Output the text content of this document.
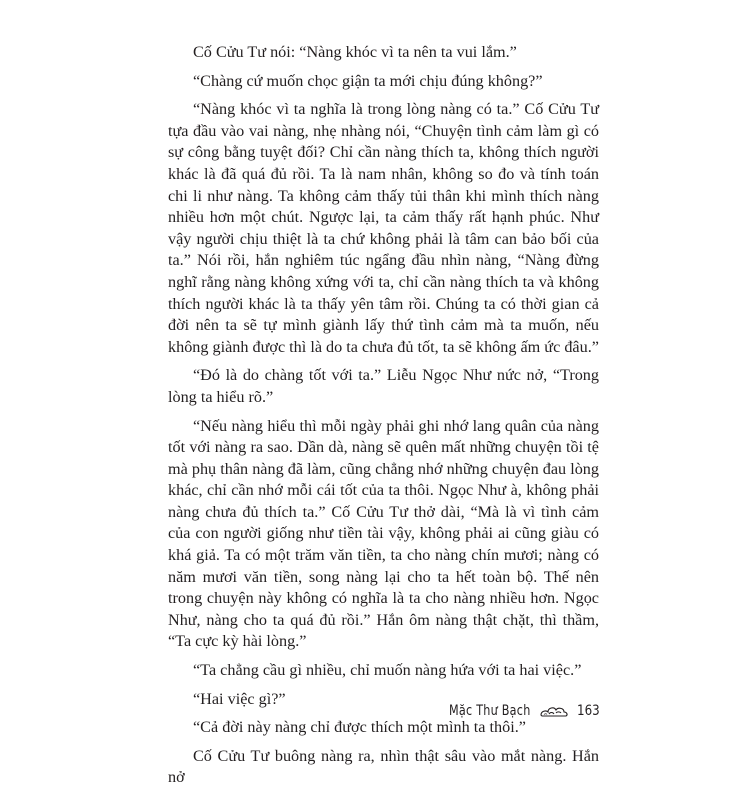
Cố Cửu Tư nói: “Nàng khóc vì ta nên ta vui lắm.”

“Chàng cứ muốn chọc giận ta mới chịu đúng không?”

“Nàng khóc vì ta nghĩa là trong lòng nàng có ta.” Cố Cửu Tư tựa đầu vào vai nàng, nhẹ nhàng nói, “Chuyện tình cảm làm gì có sự công bằng tuyệt đối? Chỉ cần nàng thích ta, không thích người khác là đã quá đủ rồi. Ta là nam nhân, không so đo và tính toán chi li như nàng. Ta không cảm thấy tủi thân khi mình thích nàng nhiều hơn một chút. Ngược lại, ta cảm thấy rất hạnh phúc. Như vậy người chịu thiệt là ta chứ không phải là tâm can bảo bối của ta.” Nói rồi, hắn nghiêm túc ngẩng đầu nhìn nàng, “Nàng đừng nghĩ rằng nàng không xứng với ta, chỉ cần nàng thích ta và không thích người khác là ta thấy yên tâm rồi. Chúng ta có thời gian cả đời nên ta sẽ tự mình giành lấy thứ tình cảm mà ta muốn, nếu không giành được thì là do ta chưa đủ tốt, ta sẽ không ấm ức đâu.”

“Đó là do chàng tốt với ta.” Liễu Ngọc Như nức nở, “Trong lòng ta hiểu rõ.”

“Nếu nàng hiểu thì mỗi ngày phải ghi nhớ lang quân của nàng tốt với nàng ra sao. Dần dà, nàng sẽ quên mất những chuyện tồi tệ mà phụ thân nàng đã làm, cũng chẳng nhớ những chuyện đau lòng khác, chỉ cần nhớ mỗi cái tốt của ta thôi. Ngọc Như à, không phải nàng chưa đủ thích ta.” Cố Cửu Tư thở dài, “Mà là vì tình cảm của con người giống như tiền tài vậy, không phải ai cũng giàu có khá giả. Ta có một trăm văn tiền, ta cho nàng chín mươi; nàng có năm mươi văn tiền, song nàng lại cho ta hết toàn bộ. Thế nên trong chuyện này không có nghĩa là ta cho nàng nhiều hơn. Ngọc Như, nàng cho ta quá đủ rồi.” Hắn ôm nàng thật chặt, thì thầm, “Ta cực kỳ hài lòng.”

“Ta chẳng cầu gì nhiều, chỉ muốn nàng hứa với ta hai việc.”

“Hai việc gì?”

“Cả đời này nàng chỉ được thích một mình ta thôi.”

Cố Cửu Tư buông nàng ra, nhìn thật sâu vào mắt nàng. Hắn nở

Mặc Thư Bạch	163
